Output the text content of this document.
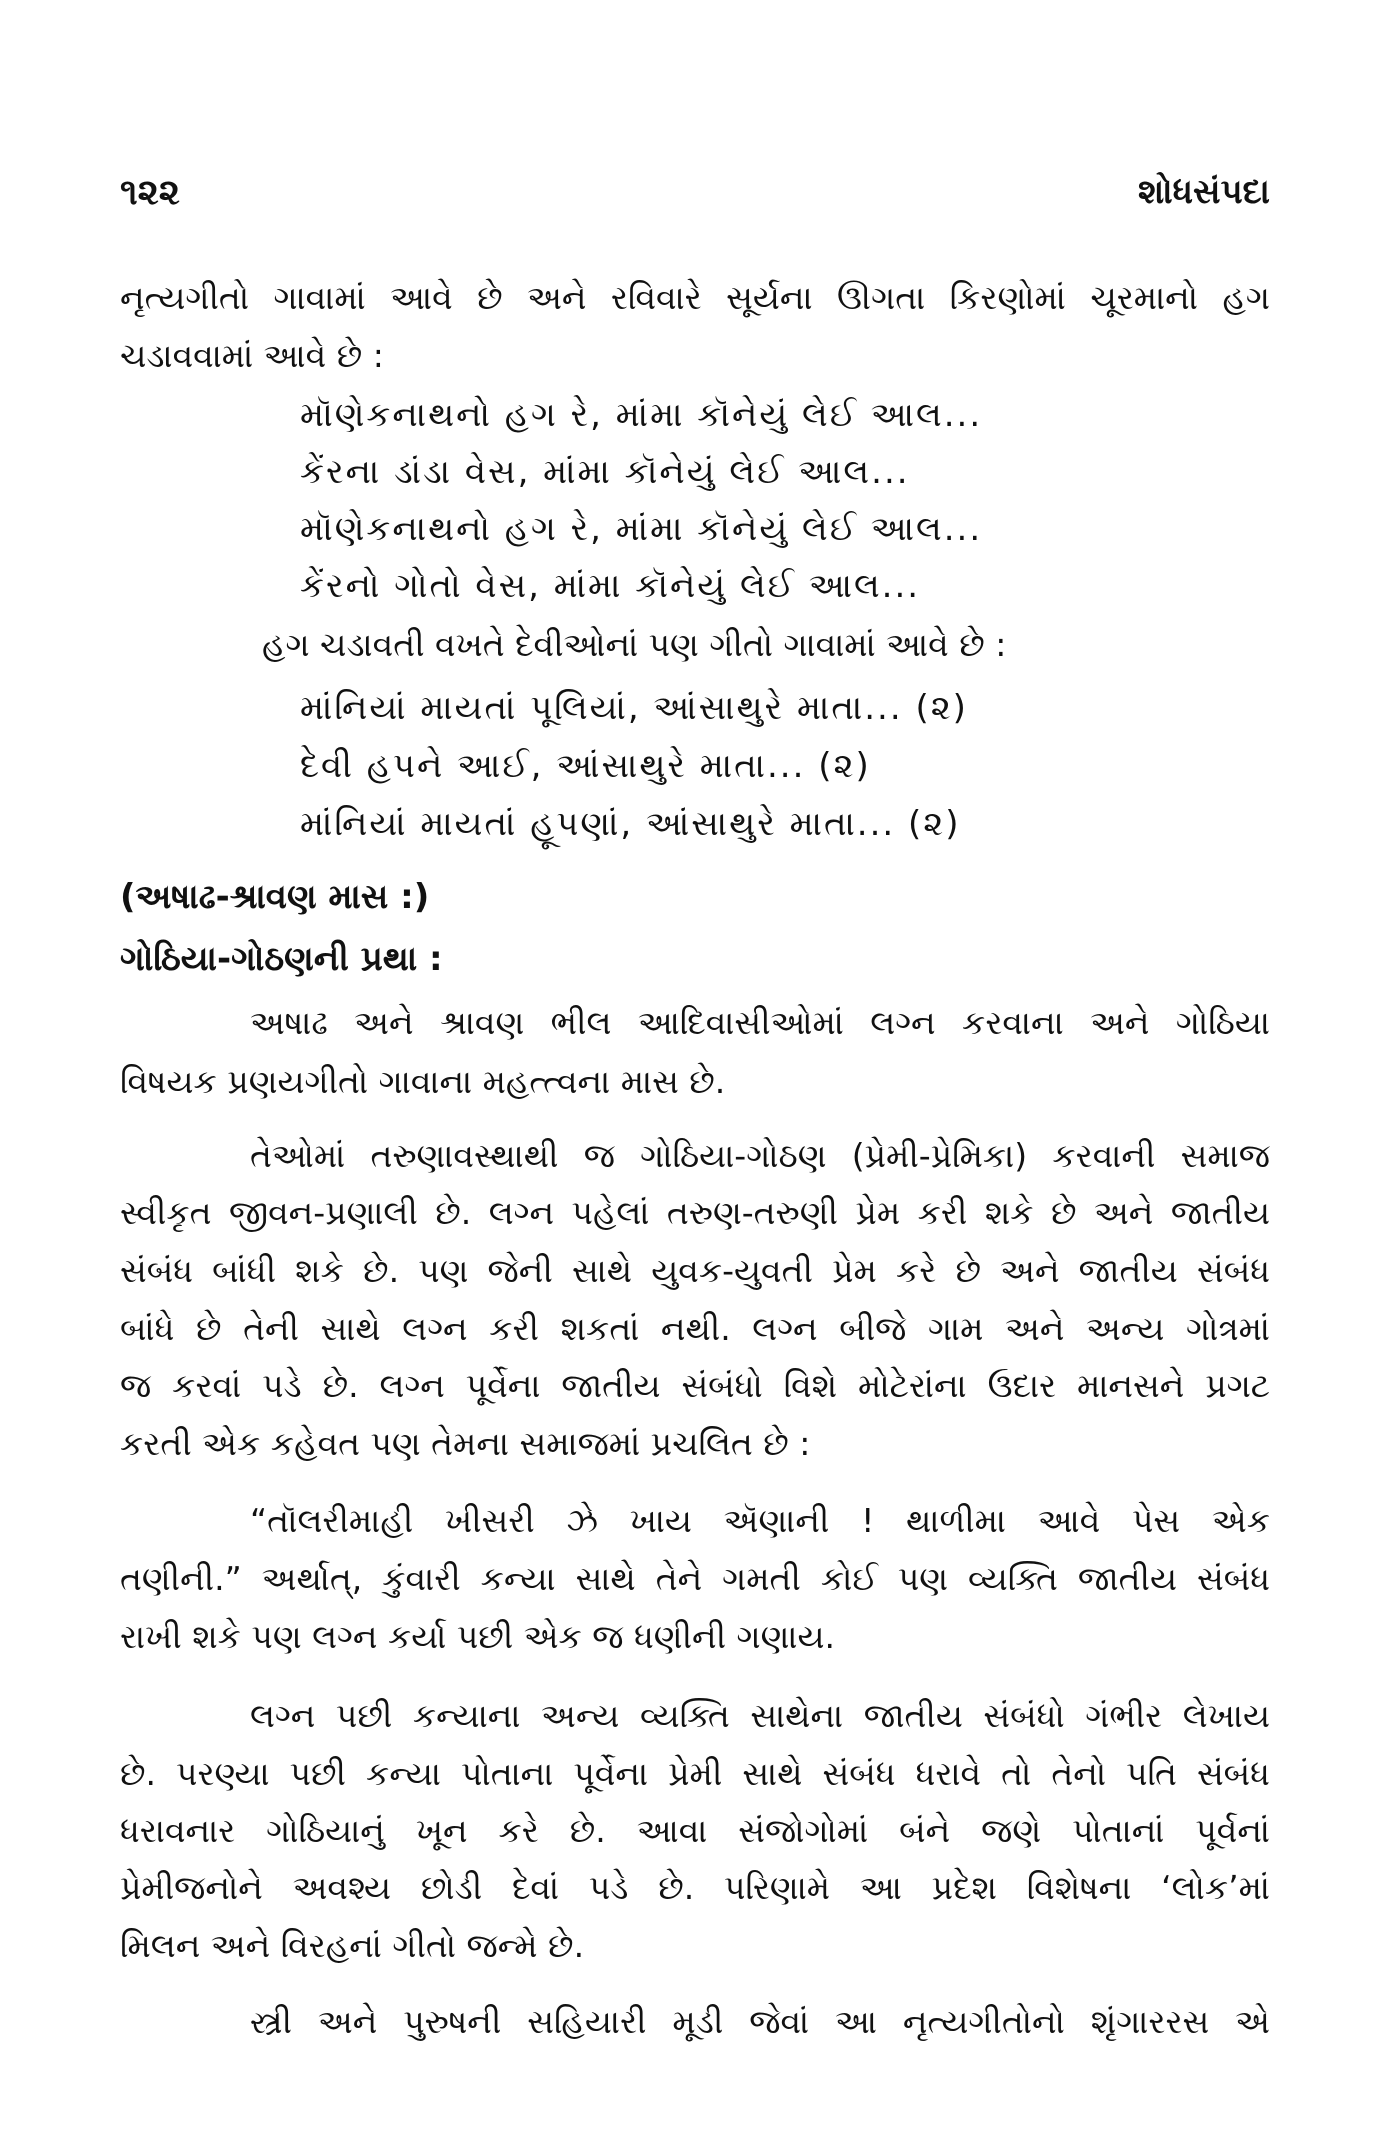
૧૨૨	શોધસંપદા
નૃત્યગીતો ગાવામાં આવે છે અને રવિવારે સૂર્યના ઊગતા કિરણોમાં ચૂરમાનો હગ
ચડાવવામાં આવે છે :
મૉણેકનાથનો હગ રે, માંમા કૉનેયું લેઈ આલ...
કેંરના ડાંડા વેસ, માંમા કૉનેયું લેઈ આલ...
મૉણેકનાથનો હગ રે, માંમા કૉનેયું લેઈ આલ...
કેંરનો ગોતો વેસ, માંમા કૉનેયું લેઈ આલ...
હગ ચડાવતી વખતે દેવીઓનાં પણ ગીતો ગાવામાં આવે છે :
માંનિયાં માયતાં પૂલિયાં, આંસાથુરે માતા... (૨)
દેવી હપને આઈ, આંસાથુરે માતા... (૨)
માંનિયાં માયતાં હૂપણાં, આંસાથુરે માતા... (૨)
(અષાઢ-શ્રાવણ માસ :)
ગોઠિયા-ગોઠણની પ્રથા :
અષાઢ અને શ્રાવણ ભીલ આદિવાસીઓમાં લગ્ન કરવાના અને ગોઠિયા
વિષયક પ્રણયગીતો ગાવાના મહત્ત્વના માસ છે.
તેઓમાં તરુણાવસ્થાથી જ ગોઠિયા-ગોઠણ (પ્રેમી-પ્રેમિકા) કરવાની સમાજ
સ્વીકૃત જીવન-પ્રણાલી છે. લગ્ન પહેલાં તરુણ-તરુણી પ્રેમ કરી શકે છે અને જાતીય
સંબંધ બાંધી શકે છે. પણ જેની સાથે યુવક-યુવતી પ્રેમ કરે છે અને જાતીય સંબંધ
બાંધે છે તેની સાથે લગ્ન કરી શકતાં નથી. લગ્ન બીજે ગામ અને અન્ય ગોત્રમાં
જ કરવાં પડે છે. લગ્ન પૂર્વેના જાતીય સંબંધો વિશે મોટેરાંના ઉદાર માનસને પ્રગટ
કરતી એક કહેવત પણ તેમના સમાજમાં પ્રચલિત છે :
“તૉલરીમાહી ખીસરી ઝે ખાય ઍણાની ! થાળીમા આવે પેસ એક
તણીની.” અર્થાત્, કુંવારી કન્યા સાથે તેને ગમતી કોઈ પણ વ્યક્તિ જાતીય સંબંધ
રાખી શકે પણ લગ્ન કર્યા પછી એક જ ધણીની ગણાય.
લગ્ન પછી કન્યાના અન્ય વ્યક્તિ સાથેના જાતીય સંબંધો ગંભીર લેખાય
છે. પરણ્યા પછી કન્યા પોતાના પૂર્વેના પ્રેમી સાથે સંબંધ ધરાવે તો તેનો પતિ સંબંધ
ધરાવનાર ગોઠિયાનું ખૂન કરે છે. આવા સંજોગોમાં બંને જણે પોતાનાં પૂર્વનાં
પ્રેમીજનોને અવશ્ય છોડી દેવાં પડે છે. પરિણામે આ પ્રદેશ વિશેષના ‘લોક’માં
મિલન અને વિરહનાં ગીતો જન્મે છે.
સ્ત્રી અને પુરુષની સહિયારી મૂડી જેવાં આ નૃત્યગીતોનો શૃંગારરસ એ
